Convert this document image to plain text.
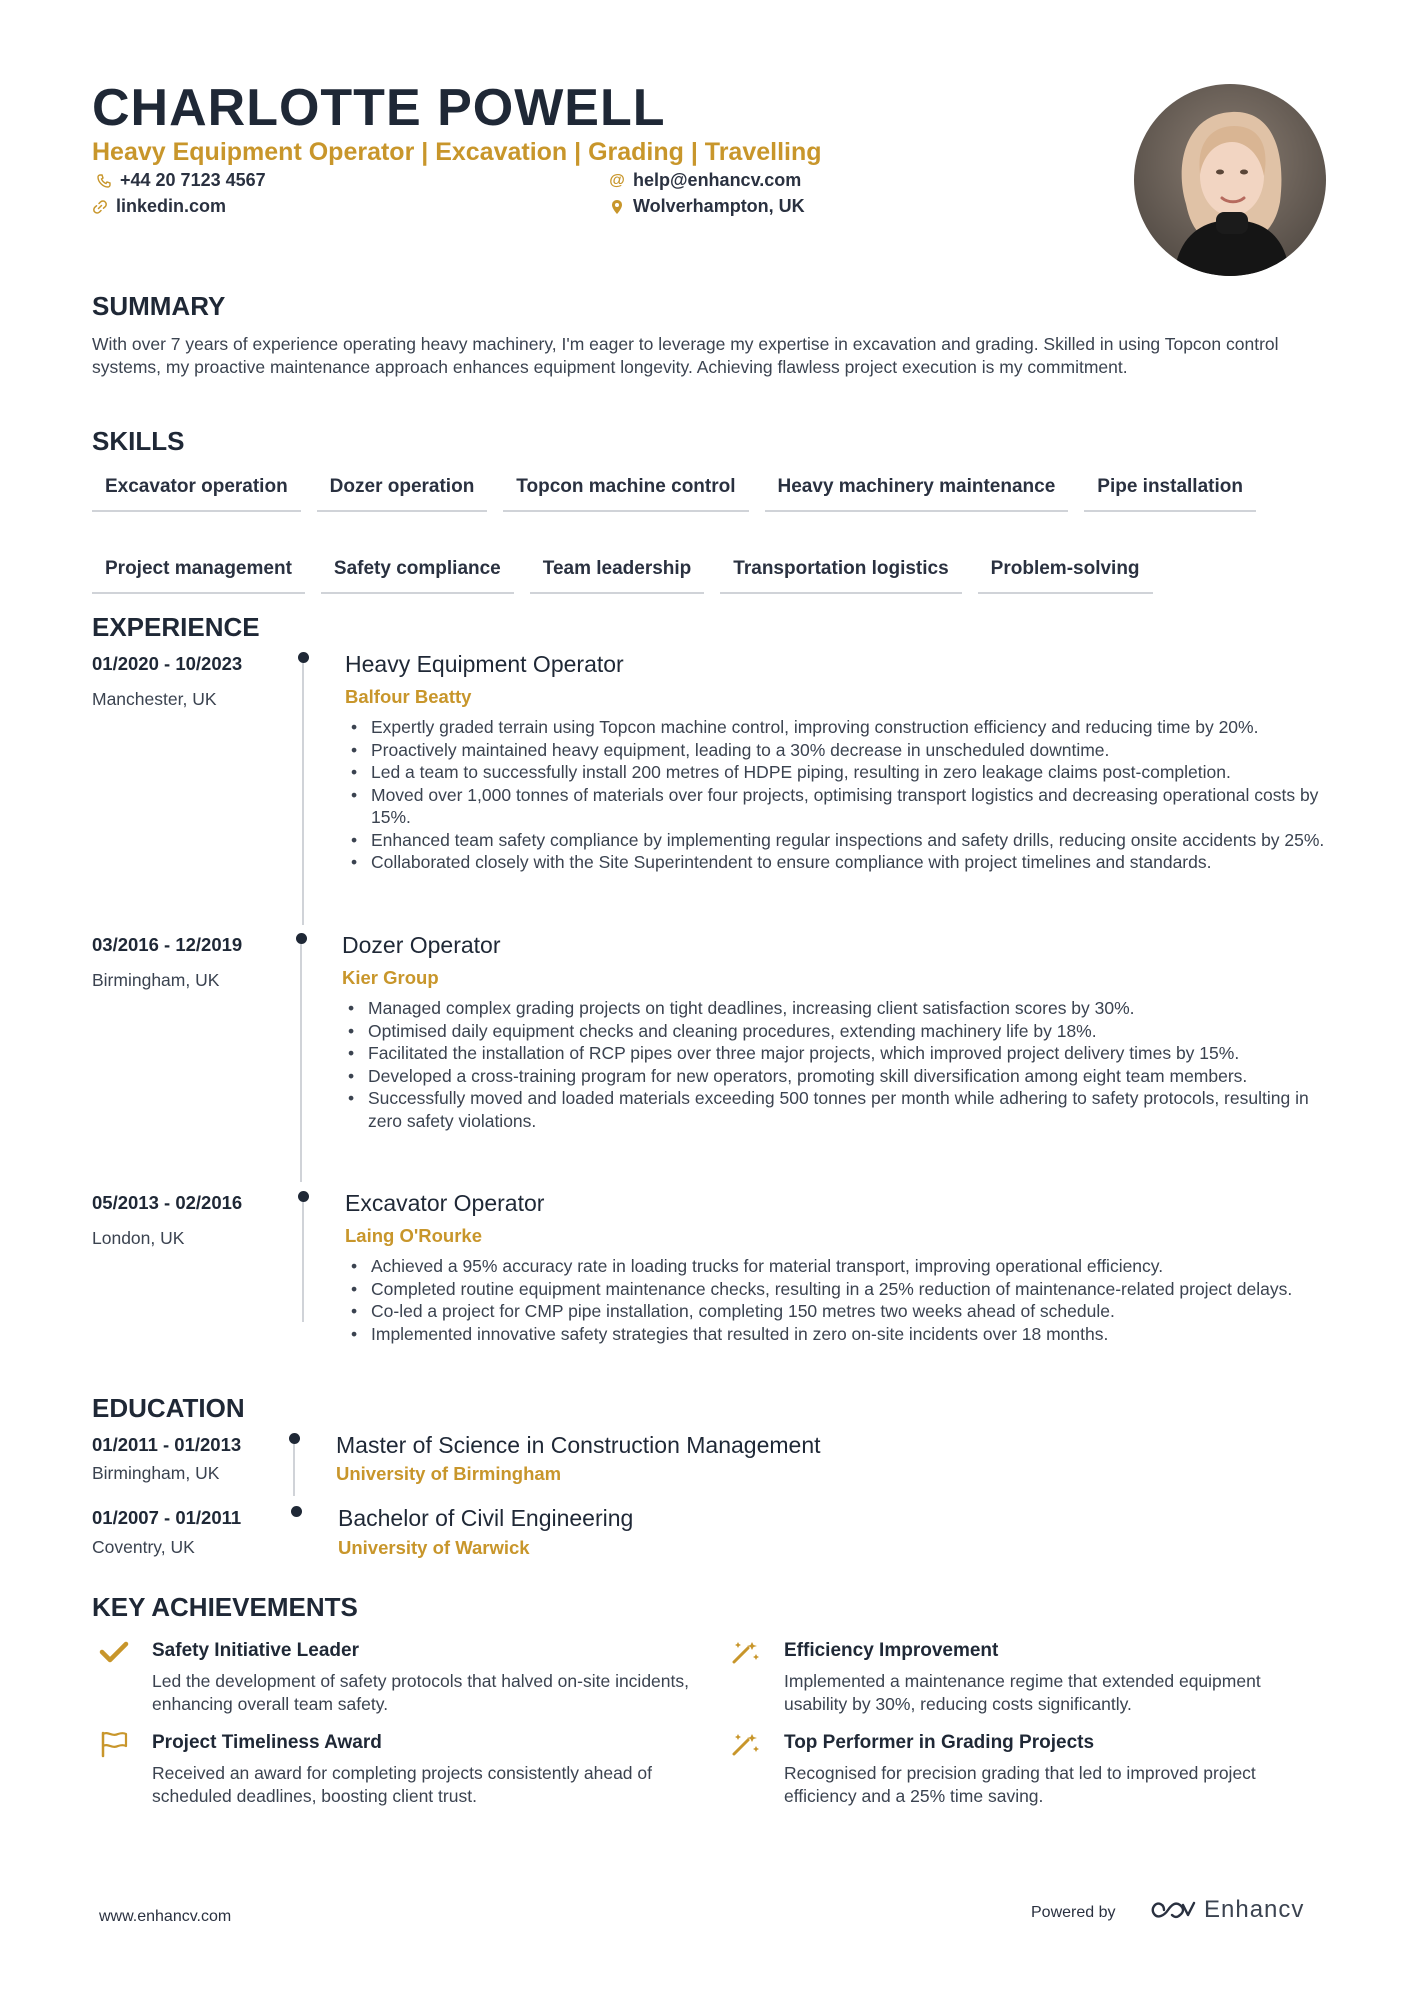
CHARLOTTE POWELL
Heavy Equipment Operator | Excavation | Grading | Travelling
+44 20 7123 4567	@ help@enhancv.com
linkedin.com	Wolverhampton, UK
SUMMARY
With over 7 years of experience operating heavy machinery, I'm eager to leverage my expertise in excavation and grading. Skilled in using Topcon control systems, my proactive maintenance approach enhances equipment longevity. Achieving flawless project execution is my commitment.
SKILLS
Excavator operation	Dozer operation	Topcon machine control	Heavy machinery maintenance	Pipe installation
Project management	Safety compliance	Team leadership	Transportation logistics	Problem-solving
EXPERIENCE
01/2020 - 10/2023
Manchester, UK
Heavy Equipment Operator
Balfour Beatty
• Expertly graded terrain using Topcon machine control, improving construction efficiency and reducing time by 20%.
• Proactively maintained heavy equipment, leading to a 30% decrease in unscheduled downtime.
• Led a team to successfully install 200 metres of HDPE piping, resulting in zero leakage claims post-completion.
• Moved over 1,000 tonnes of materials over four projects, optimising transport logistics and decreasing operational costs by 15%.
• Enhanced team safety compliance by implementing regular inspections and safety drills, reducing onsite accidents by 25%.
• Collaborated closely with the Site Superintendent to ensure compliance with project timelines and standards.
03/2016 - 12/2019
Birmingham, UK
Dozer Operator
Kier Group
• Managed complex grading projects on tight deadlines, increasing client satisfaction scores by 30%.
• Optimised daily equipment checks and cleaning procedures, extending machinery life by 18%.
• Facilitated the installation of RCP pipes over three major projects, which improved project delivery times by 15%.
• Developed a cross-training program for new operators, promoting skill diversification among eight team members.
• Successfully moved and loaded materials exceeding 500 tonnes per month while adhering to safety protocols, resulting in zero safety violations.
05/2013 - 02/2016
London, UK
Excavator Operator
Laing O'Rourke
• Achieved a 95% accuracy rate in loading trucks for material transport, improving operational efficiency.
• Completed routine equipment maintenance checks, resulting in a 25% reduction of maintenance-related project delays.
• Co-led a project for CMP pipe installation, completing 150 metres two weeks ahead of schedule.
• Implemented innovative safety strategies that resulted in zero on-site incidents over 18 months.
EDUCATION
01/2011 - 01/2013
Birmingham, UK
Master of Science in Construction Management
University of Birmingham
01/2007 - 01/2011
Coventry, UK
Bachelor of Civil Engineering
University of Warwick
KEY ACHIEVEMENTS
Safety Initiative Leader
Led the development of safety protocols that halved on-site incidents, enhancing overall team safety.
Efficiency Improvement
Implemented a maintenance regime that extended equipment usability by 30%, reducing costs significantly.
Project Timeliness Award
Received an award for completing projects consistently ahead of scheduled deadlines, boosting client trust.
Top Performer in Grading Projects
Recognised for precision grading that led to improved project efficiency and a 25% time saving.
www.enhancv.com	Powered by	Enhancv
